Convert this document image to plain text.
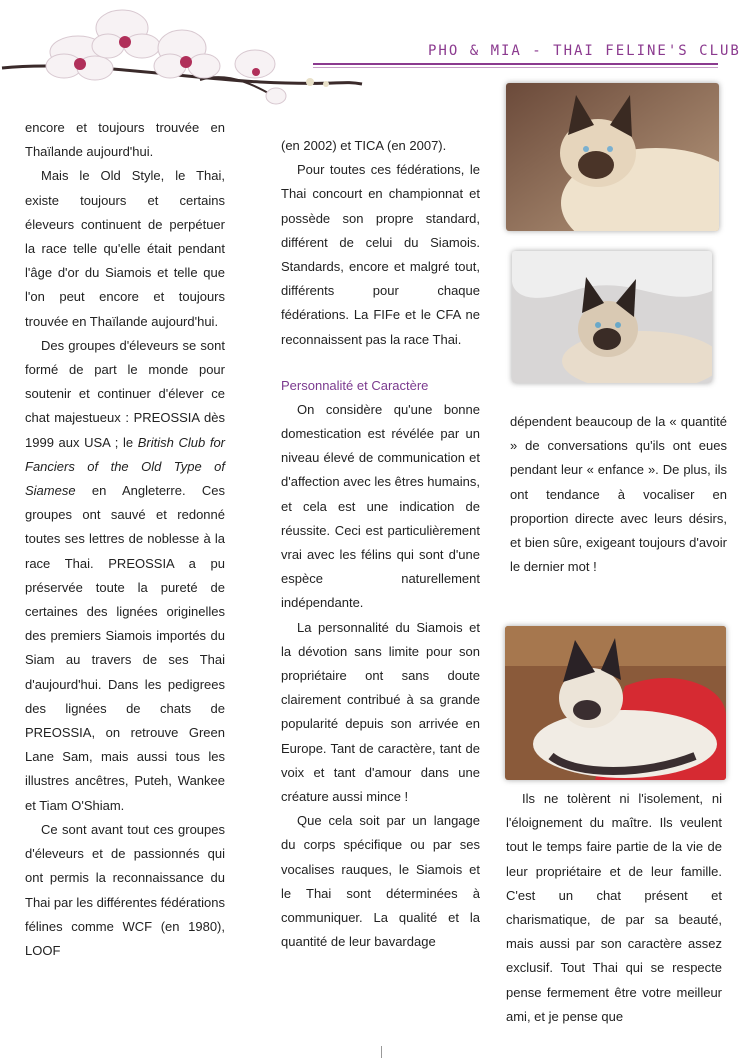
PHO & MIA - THAI FELINE'S CLUB

encore et toujours trouvée en Thaïlande aujourd'hui.

Mais le Old Style, le Thai, existe toujours et certains éleveurs continuent de perpétuer la race telle qu'elle était pendant l'âge d'or du Siamois et telle que l'on peut encore et toujours trouvée en Thaïlande aujourd'hui.

Des groupes d'éleveurs se sont formé de part le monde pour soutenir et continuer d'élever ce chat majestueux : PREOSSIA dès 1999 aux USA ; le British Club for Fanciers of the Old Type of Siamese en Angleterre. Ces groupes ont sauvé et redonné toutes ses lettres de noblesse à la race Thai. PREOSSIA a pu préservée toute la pureté de certaines des lignées originelles des premiers Siamois importés du Siam au travers de ses Thai d'aujourd'hui. Dans les pedigrees des lignées de chats de PREOSSIA, on retrouve Green Lane Sam, mais aussi tous les illustres ancêtres, Puteh, Wankee et Tiam O'Shiam.

Ce sont avant tout ces groupes d'éleveurs et de passionnés qui ont permis la reconnaissance du Thai par les différentes fédérations félines comme WCF (en 1980), LOOF

(en 2002) et TICA (en 2007).

Pour toutes ces fédérations, le Thai concourt en championnat et possède son propre standard, différent de celui du Siamois. Standards, encore et malgré tout, différents pour chaque fédérations. La FIFe et le CFA ne reconnaissent pas la race Thai.

Personnalité et Caractère

On considère qu'une bonne domestication est révélée par un niveau élevé de communication et d'affection avec les êtres humains, et cela est une indication de réussite. Ceci est particulièrement vrai avec les félins qui sont d'une espèce naturellement indépendante.

La personnalité du Siamois et la dévotion sans limite pour son propriétaire ont sans doute clairement contribué à sa grande popularité depuis son arrivée en Europe. Tant de caractère, tant de voix et tant d'amour dans une créature aussi mince !

Que cela soit par un langage du corps spécifique ou par ses vocalises rauques, le Siamois et le Thai sont déterminées à communiquer. La qualité et la quantité de leur bavardage

dépendent beaucoup de la « quantité » de conversations qu'ils ont eues pendant leur « enfance ». De plus, ils ont tendance à vocaliser en proportion directe avec leurs désirs, et bien sûre, exigeant toujours d'avoir le dernier mot !

Ils ne tolèrent ni l'isolement, ni l'éloignement du maître. Ils veulent tout le temps faire partie de la vie de leur propriétaire et de leur famille. C'est un chat présent et charismatique, de par sa beauté, mais aussi par son caractère assez exclusif. Tout Thai qui se respecte pense fermement être votre meilleur ami, et je pense que
